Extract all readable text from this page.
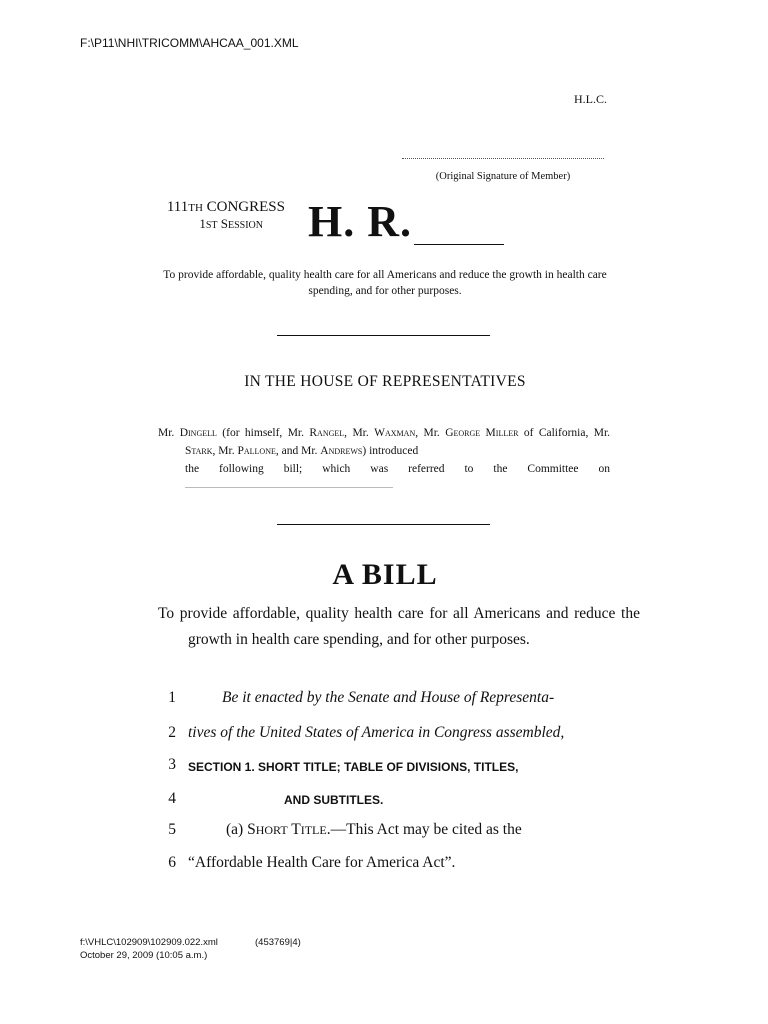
F:\P11\NHI\TRICOMM\AHCAA_001.XML
H.L.C.
(Original Signature of Member)
111TH CONGRESS
1ST SESSION H. R.
To provide affordable, quality health care for all Americans and reduce the growth in health care spending, and for other purposes.
IN THE HOUSE OF REPRESENTATIVES
Mr. Dingell (for himself, Mr. Rangel, Mr. Waxman, Mr. George Miller of California, Mr. Stark, Mr. Pallone, and Mr. Andrews) introduced
the following bill; which was referred to the Committee on
A BILL
To provide affordable, quality health care for all Americans and reduce the growth in health care spending, and for other purposes.
1	Be it enacted by the Senate and House of Representa-
2 tives of the United States of America in Congress assembled,
3 SECTION 1. SHORT TITLE; TABLE OF DIVISIONS, TITLES,
4	AND SUBTITLES.
5	(a) SHORT TITLE.—This Act may be cited as the
6 “Affordable Health Care for America Act”.
f:\VHLC\102909\102909.022.xml	(453769|4)
October 29, 2009 (10:05 a.m.)
